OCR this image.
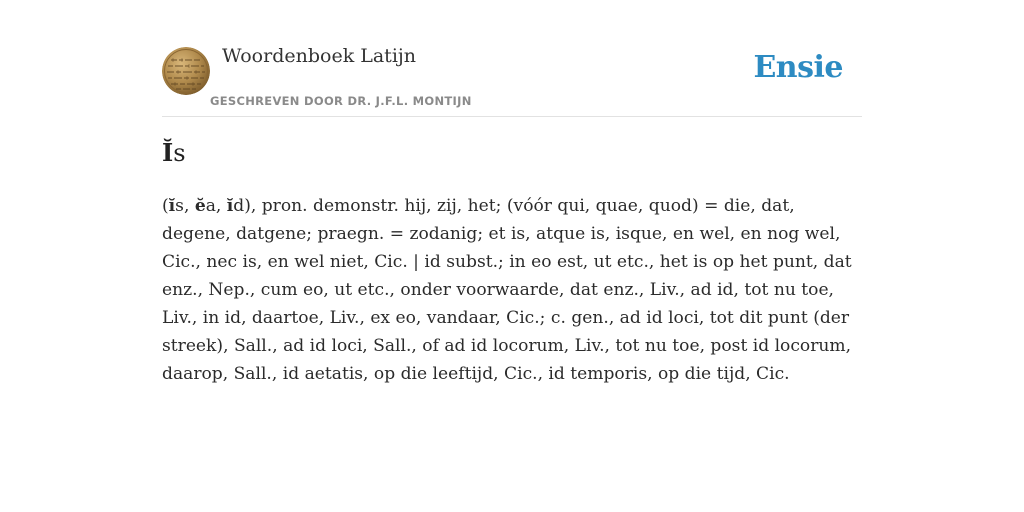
Woordenboek Latijn
GESCHREVEN DOOR DR. J.F.L. MONTIJN
Ensie
Ĭs

(ĭs, ĕa, ĭd), pron. demonstr. hij, zij, het; (vóór qui, quae, quod) = die, dat, degene, datgene; praegn. = zodanig; et is, atque is, isque, en wel, en nog wel, Cic., nec is, en wel niet, Cic. | id subst.; in eo est, ut etc., het is op het punt, dat enz., Nep., cum eo, ut etc., onder voorwaarde, dat enz., Liv., ad id, tot nu toe, Liv., in id, daartoe, Liv., ex eo, vandaar, Cic.; c. gen., ad id loci, tot dit punt (der streek), Sall., ad id loci, Sall., of ad id locorum, Liv., tot nu toe, post id locorum, daarop, Sall., id aetatis, op die leeftijd, Cic., id temporis, op die tijd, Cic.
